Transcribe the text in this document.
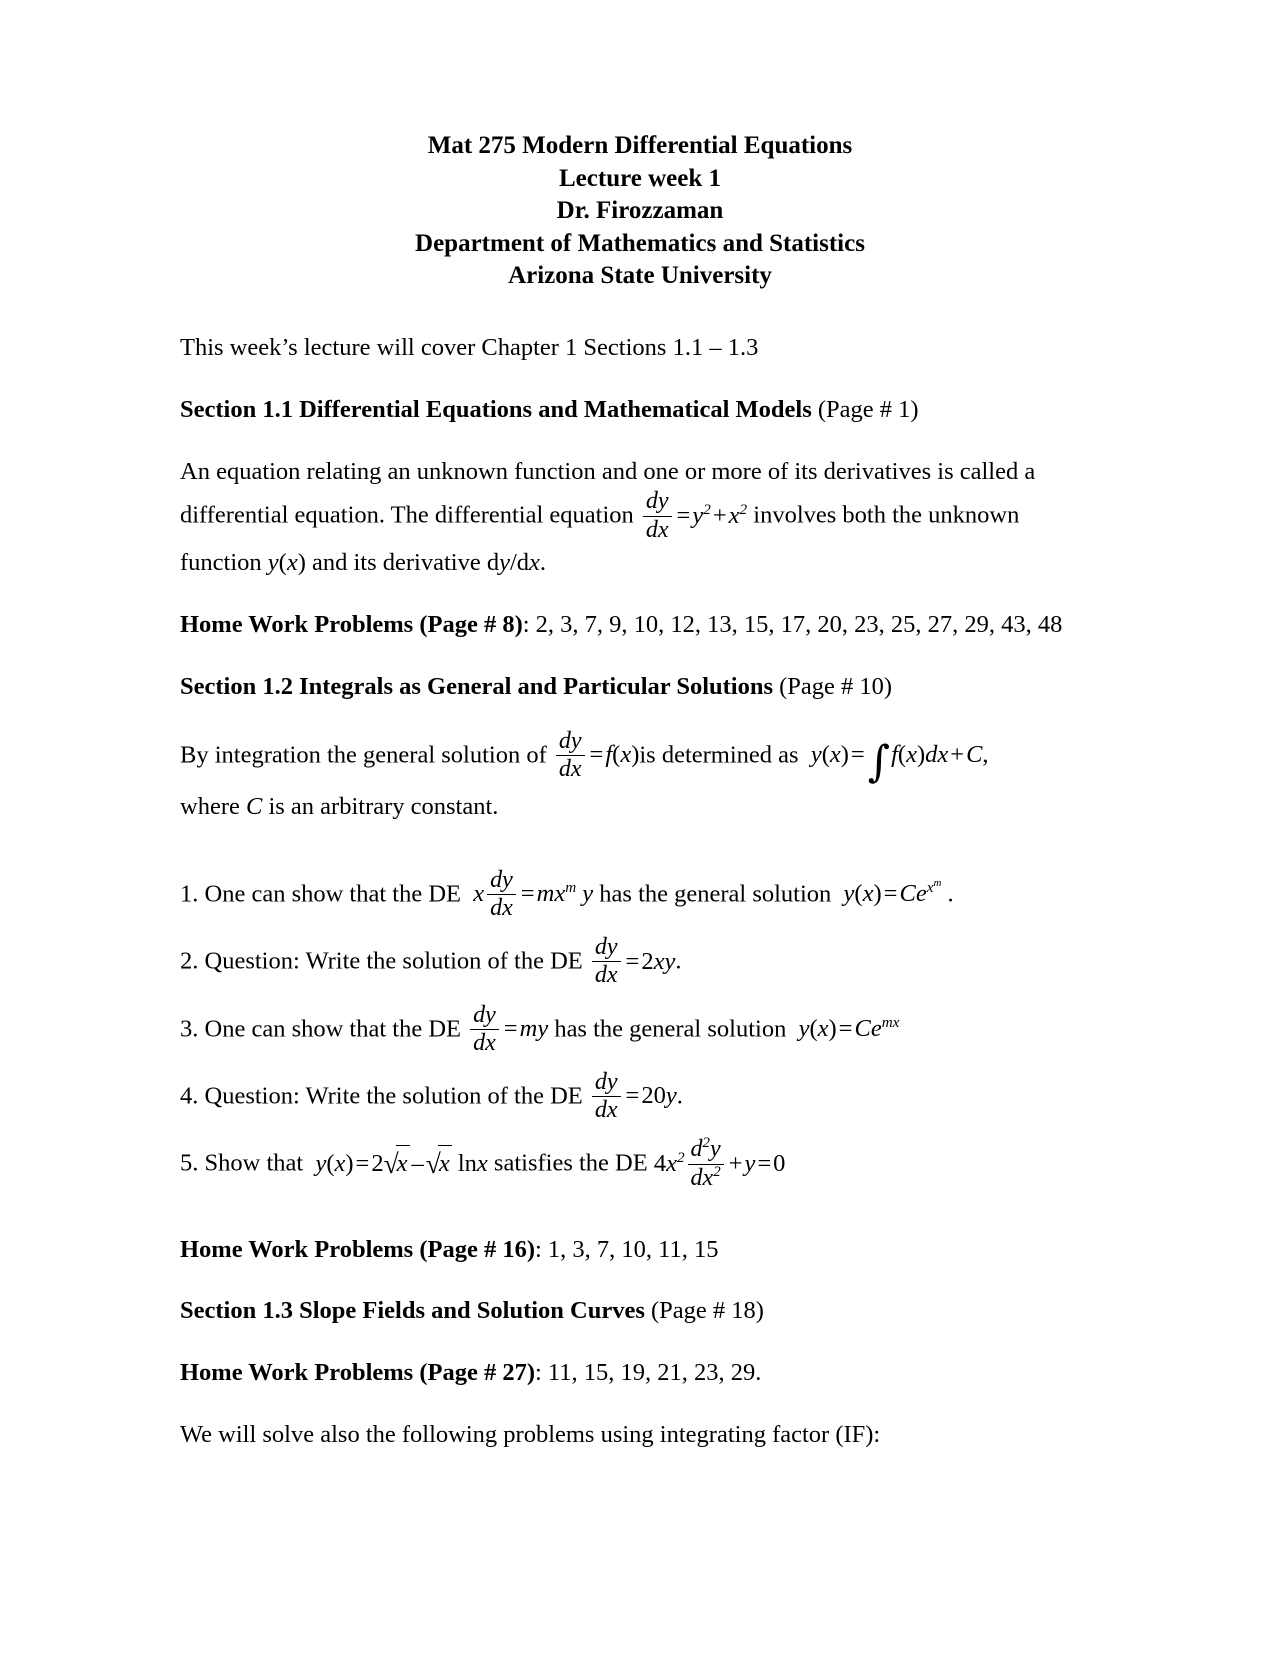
Mat 275 Modern Differential Equations
Lecture week 1
Dr. Firozzaman
Department of Mathematics and Statistics
Arizona State University

This week’s lecture will cover Chapter 1 Sections 1.1 – 1.3

Section 1.1 Differential Equations and Mathematical Models (Page # 1)

An equation relating an unknown function and one or more of its derivatives is called a differential equation. The differential equation $\frac{dy}{dx} =y^2+x^2$ involves both the unknown function y(x) and its derivative dy/dx.

Home Work Problems (Page # 8): 2, 3, 7, 9, 10, 12, 13, 15, 17, 20, 23, 25, 27, 29, 43, 48

Section 1.2 Integrals as General and Particular Solutions (Page # 10)

By integration the general solution of $\frac{dy}{dx} =f(x)is$ determined as  y(x)=∫f(x)dx+C,

where C is an arbitrary constant.

1. One can show that the DE  x $\frac{dy}{dx} =mx^m$ y has the general solution  $y(x)=Ce^{x^m}$ .

2. Question: Write the solution of the DE $\frac{dy}{dx} =2xy$.

3. One can show that the DE $\frac{dy}{dx} =my$ has the general solution  $y(x)=Ce^{mx}$

4. Question: Write the solution of the DE $\frac{dy}{dx} =20y$.

5. Show that  y(x)=2√x –√x lnx satisfies the DE $4x^2 \frac{d^2y}{dx^2} +y=0$

Home Work Problems (Page # 16): 1, 3, 7, 10, 11, 15

Section 1.3 Slope Fields and Solution Curves (Page # 18)

Home Work Problems (Page # 27): 11, 15, 19, 21, 23, 29.

We will solve also the following problems using integrating factor (IF):
